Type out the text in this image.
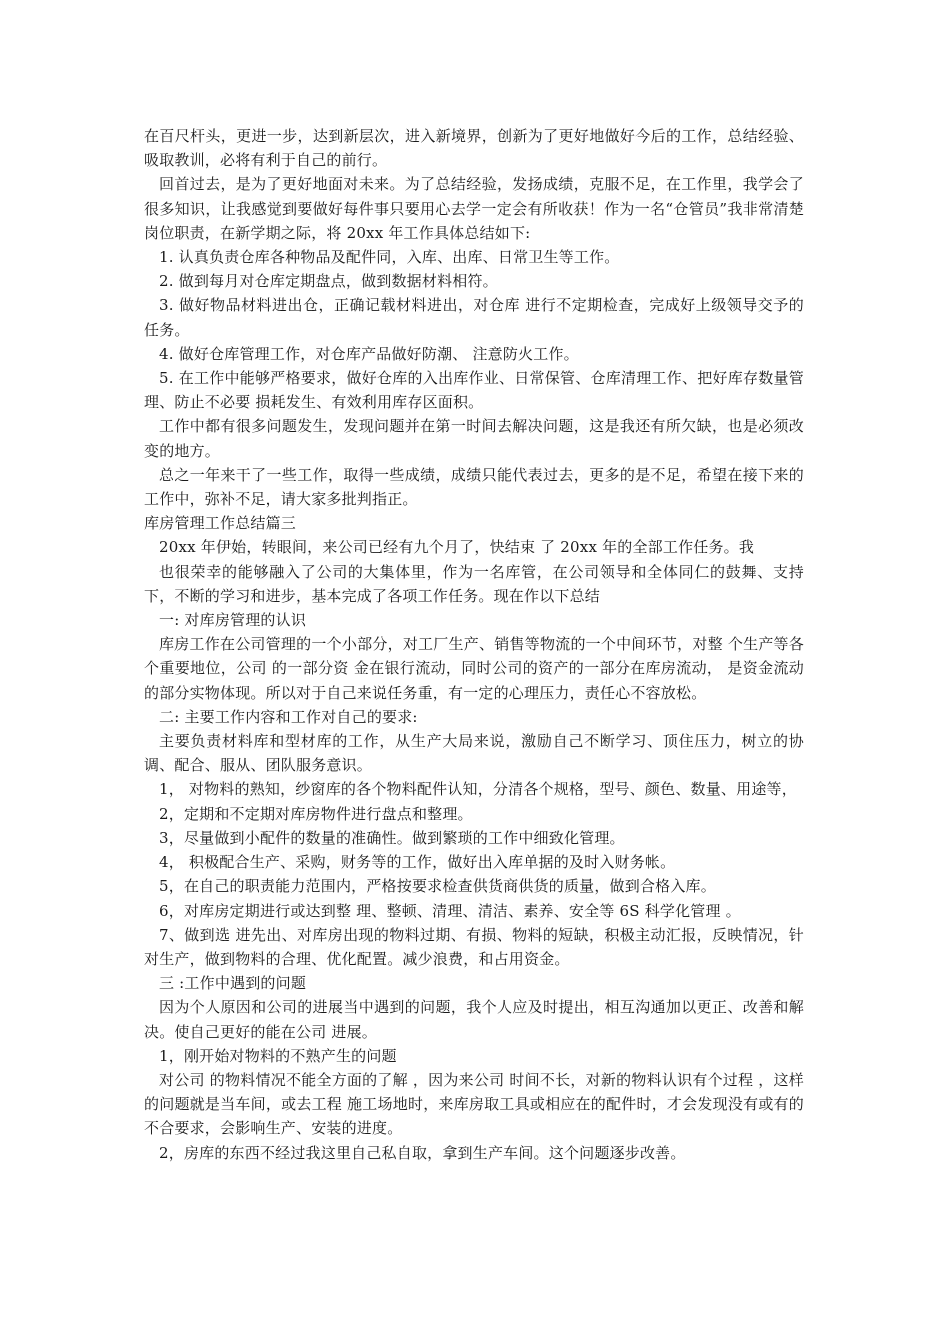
在百尺杆头，更进一步，达到新层次，进入新境界，创新为了更好地做好今后的工作，总结经验、吸取教训，必将有利于自己的前行。

回首过去，是为了更好地面对未来。为了总结经验，发扬成绩，克服不足，在工作里，我学会了很多知识，让我感觉到要做好每件事只要用心去学一定会有所收获！作为一名“仓管员”我非常清楚岗位职责，在新学期之际，将 20xx 年工作具体总结如下:

1. 认真负责仓库各种物品及配件同，入库、出库、日常卫生等工作。

2. 做到每月对仓库定期盘点，做到数据材料相符。

3. 做好物品材料进出仓，正确记载材料进出，对仓库 进行不定期检查，完成好上级领导交予的任务。

4. 做好仓库管理工作，对仓库产品做好防潮、 注意防火工作。

5. 在工作中能够严格要求，做好仓库的入出库作业、日常保管、仓库清理工作、把好库存数量管理、防止不必要 损耗发生、有效利用库存区面积。

工作中都有很多问题发生，发现问题并在第一时间去解决问题，这是我还有所欠缺，也是必须改变的地方。

总之一年来干了一些工作，取得一些成绩，成绩只能代表过去，更多的是不足，希望在接下来的工作中，弥补不足，请大家多批判指正。

库房管理工作总结篇三

20xx 年伊始，转眼间，来公司已经有九个月了，快结束 了 20xx 年的全部工作任务。我

也很荣幸的能够融入了公司的大集体里，作为一名库管，在公司领导和全体同仁的鼓舞、支持下，不断的学习和进步，基本完成了各项工作任务。现在作以下总结

一: 对库房管理的认识

库房工作在公司管理的一个小部分，对工厂生产、销售等物流的一个中间环节，对整 个生产等各个重要地位，公司 的一部分资 金在银行流动，同时公司的资产的一部分在库房流动， 是资金流动的部分实物体现。所以对于自己来说任务重，有一定的心理压力，责任心不容放松。

二: 主要工作内容和工作对自己的要求:

主要负责材料库和型材库的工作，从生产大局来说，激励自己不断学习、顶住压力，树立的协调、配合、服从、团队服务意识。

1， 对物料的熟知，纱窗库的各个物料配件认知，分清各个规格，型号、颜色、数量、用途等，

2，定期和不定期对库房物件进行盘点和整理。

3，尽量做到小配件的数量的准确性。做到繁琐的工作中细致化管理。

4， 积极配合生产、采购，财务等的工作，做好出入库单据的及时入财务帐。

5，在自己的职责能力范围内，严格按要求检查供货商供货的质量，做到合格入库。

6，对库房定期进行或达到整 理、整顿、清理、清洁、素养、安全等 6S 科学化管理 。

7、做到选 进先出、对库房出现的物料过期、有损、物料的短缺，积极主动汇报，反映情况，针对生产，做到物料的合理、优化配置。减少浪费，和占用资金。

三 :工作中遇到的问题

因为个人原因和公司的进展当中遇到的问题，我个人应及时提出，相互沟通加以更正、改善和解决。使自己更好的能在公司 进展。

1，刚开始对物料的不熟产生的问题

对公司 的物料情况不能全方面的了解 ，因为来公司 时间不长，对新的物料认识有个过程 ，这样的问题就是当车间，或去工程 施工场地时，来库房取工具或相应在的配件时，才会发现没有或有的不合要求，会影响生产、安装的进度。

2，房库的东西不经过我这里自己私自取，拿到生产车间。这个问题逐步改善。
